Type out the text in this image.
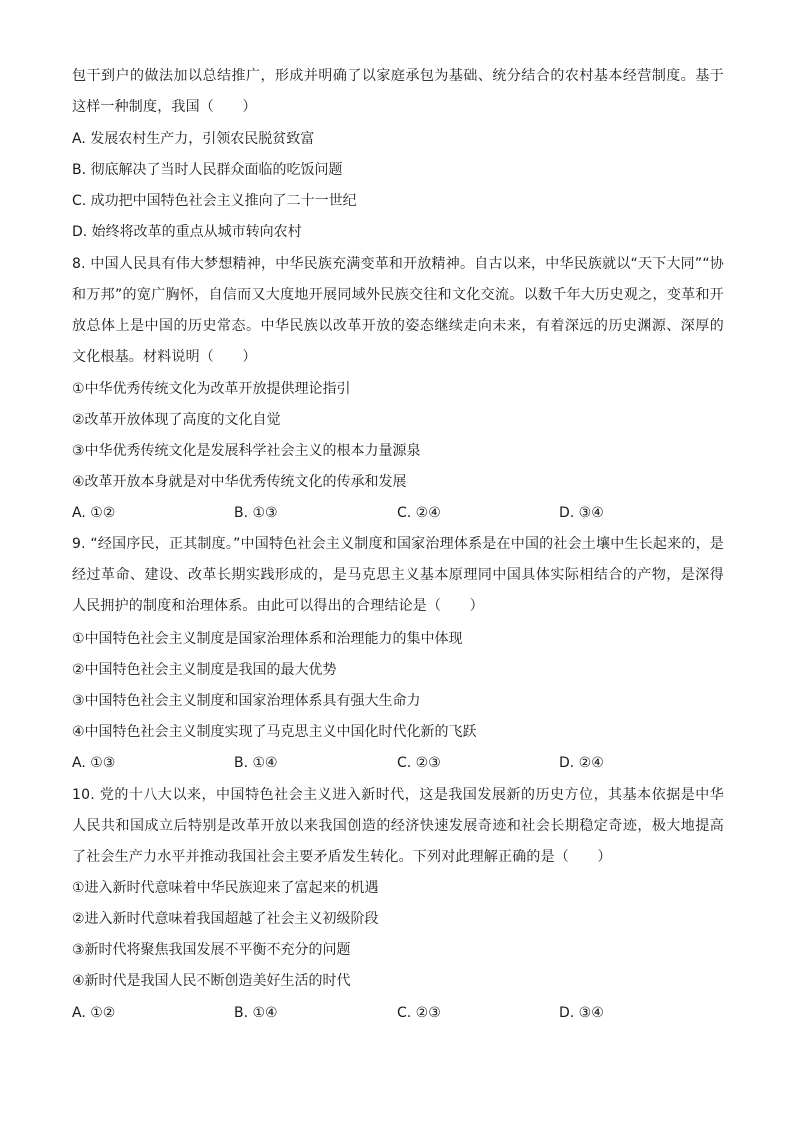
包干到户的做法加以总结推广，形成并明确了以家庭承包为基础、统分结合的农村基本经营制度。基于这样一种制度，我国（　　）
A. 发展农村生产力，引领农民脱贫致富
B. 彻底解决了当时人民群众面临的吃饭问题
C. 成功把中国特色社会主义推向了二十一世纪
D. 始终将改革的重点从城市转向农村
8. 中国人民具有伟大梦想精神，中华民族充满变革和开放精神。自古以来，中华民族就以“天下大同”“协和万邦”的宽广胸怀，自信而又大度地开展同域外民族交往和文化交流。以数千年大历史观之，变革和开放总体上是中国的历史常态。中华民族以改革开放的姿态继续走向未来，有着深远的历史渊源、深厚的文化根基。材料说明（　　）
①中华优秀传统文化为改革开放提供理论指引
②改革开放体现了高度的文化自觉
③中华优秀传统文化是发展科学社会主义的根本力量源泉
④改革开放本身就是对中华优秀传统文化的传承和发展
A. ①②	B. ①③	C. ②④	D. ③④
9. “经国序民，正其制度。”中国特色社会主义制度和国家治理体系是在中国的社会土壤中生长起来的，是经过革命、建设、改革长期实践形成的，是马克思主义基本原理同中国具体实际相结合的产物，是深得人民拥护的制度和治理体系。由此可以得出的合理结论是（　　）
①中国特色社会主义制度是国家治理体系和治理能力的集中体现
②中国特色社会主义制度是我国的最大优势
③中国特色社会主义制度和国家治理体系具有强大生命力
④中国特色社会主义制度实现了马克思主义中国化时代化新的飞跃
A. ①③	B. ①④	C. ②③	D. ②④
10. 党的十八大以来，中国特色社会主义进入新时代，这是我国发展新的历史方位，其基本依据是中华人民共和国成立后特别是改革开放以来我国创造的经济快速发展奇迹和社会长期稳定奇迹，极大地提高了社会生产力水平并推动我国社会主要矛盾发生转化。下列对此理解正确的是（　　）
①进入新时代意味着中华民族迎来了富起来的机遇
②进入新时代意味着我国超越了社会主义初级阶段
③新时代将聚焦我国发展不平衡不充分的问题
④新时代是我国人民不断创造美好生活的时代
A. ①②	B. ①④	C. ②③	D. ③④
